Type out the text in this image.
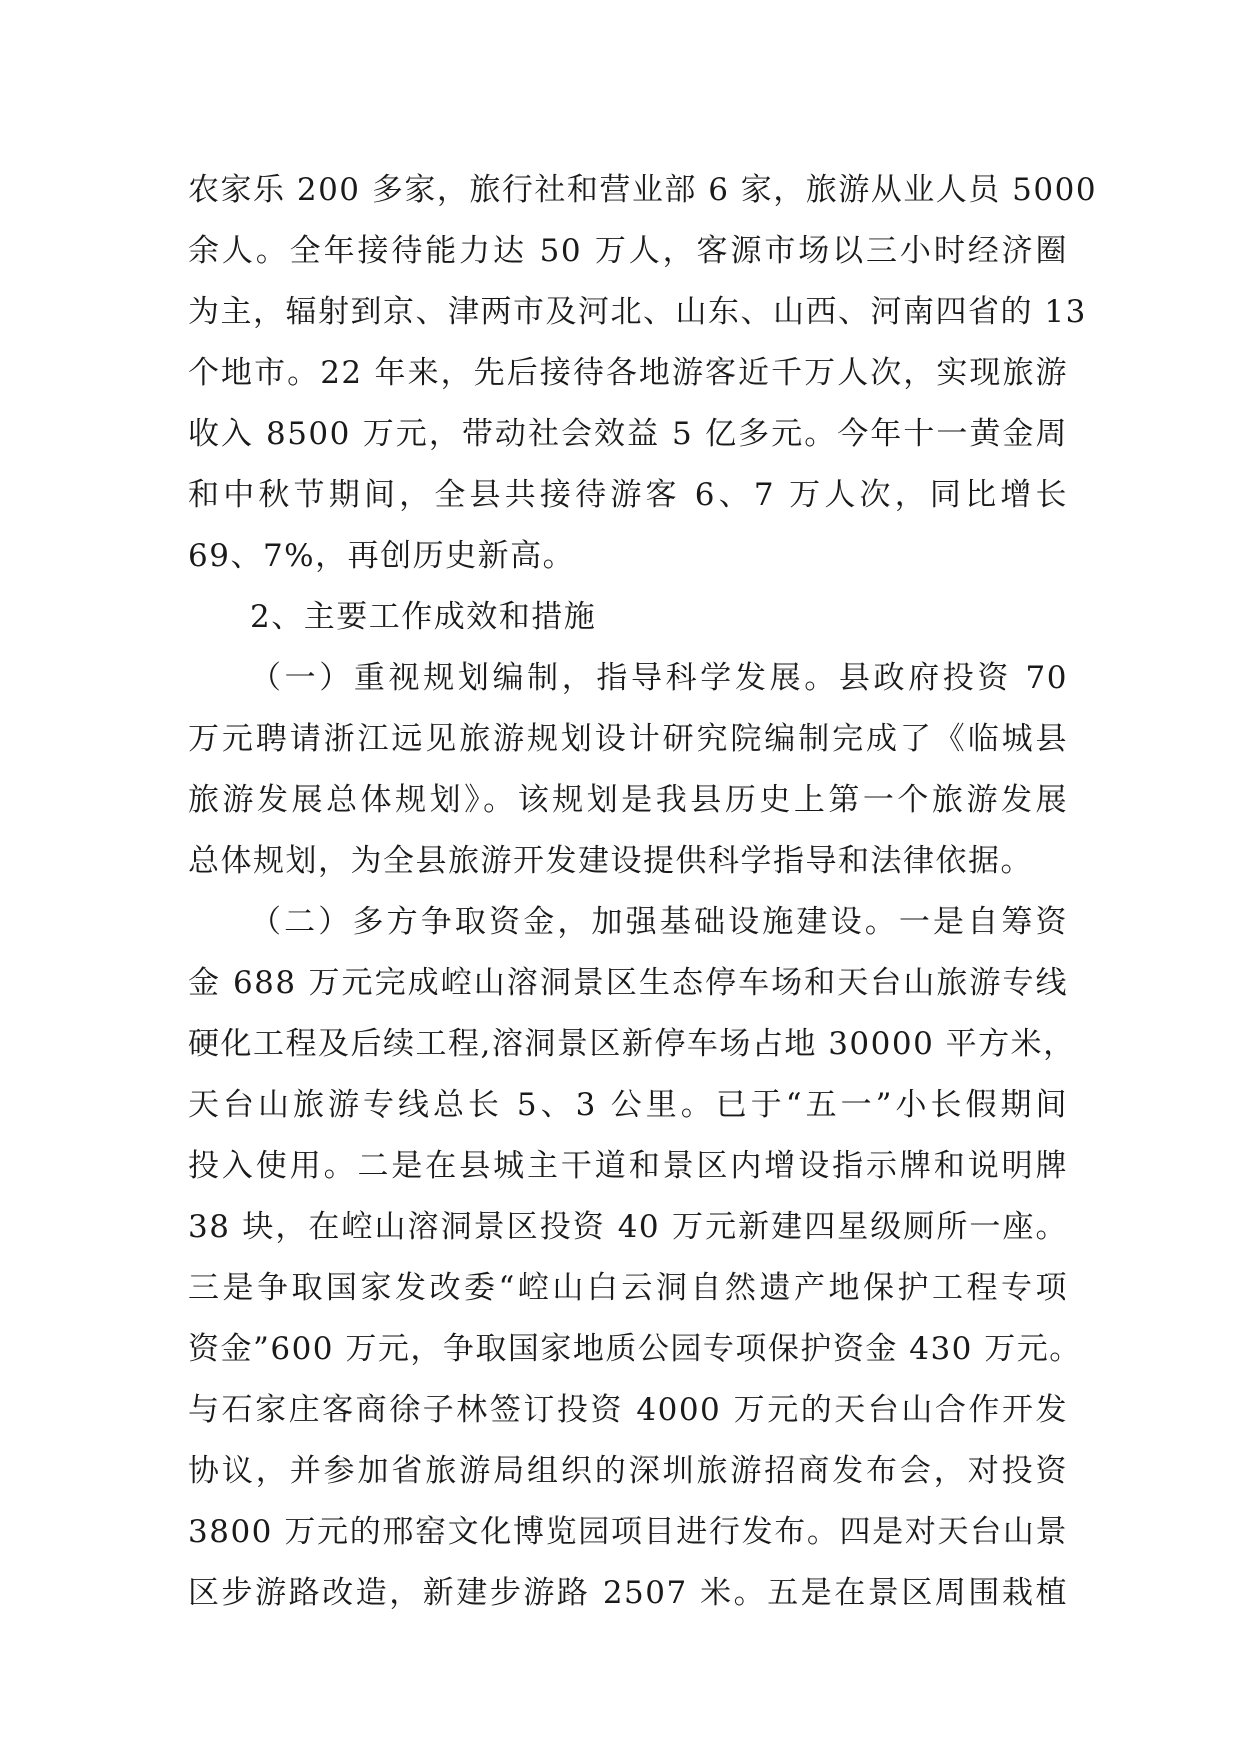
农家乐 200 多家，旅行社和营业部 6 家，旅游从业人员 5000
余人。全年接待能力达 50 万人，客源市场以三小时经济圈
为主，辐射到京、津两市及河北、山东、山西、河南四省的 13
个地市。22 年来，先后接待各地游客近千万人次，实现旅游
收入 8500 万元，带动社会效益 5 亿多元。今年十一黄金周
和中秋节期间，全县共接待游客 6、7 万人次，同比增长
69、7%，再创历史新高。
2、主要工作成效和措施
（一）重视规划编制，指导科学发展。县政府投资 70
万元聘请浙江远见旅游规划设计研究院编制完成了《临城县
旅游发展总体规划》。该规划是我县历史上第一个旅游发展
总体规划，为全县旅游开发建设提供科学指导和法律依据。
（二）多方争取资金，加强基础设施建设。一是自筹资
金 688 万元完成崆山溶洞景区生态停车场和天台山旅游专线
硬化工程及后续工程,溶洞景区新停车场占地 30000 平方米，
天台山旅游专线总长 5、3 公里。已于“五一”小长假期间
投入使用。二是在县城主干道和景区内增设指示牌和说明牌
38 块，在崆山溶洞景区投资 40 万元新建四星级厕所一座。
三是争取国家发改委“崆山白云洞自然遗产地保护工程专项
资金”600 万元，争取国家地质公园专项保护资金 430 万元。
与石家庄客商徐子林签订投资 4000 万元的天台山合作开发
协议，并参加省旅游局组织的深圳旅游招商发布会，对投资
3800 万元的邢窑文化博览园项目进行发布。四是对天台山景
区步游路改造，新建步游路 2507 米。五是在景区周围栽植
